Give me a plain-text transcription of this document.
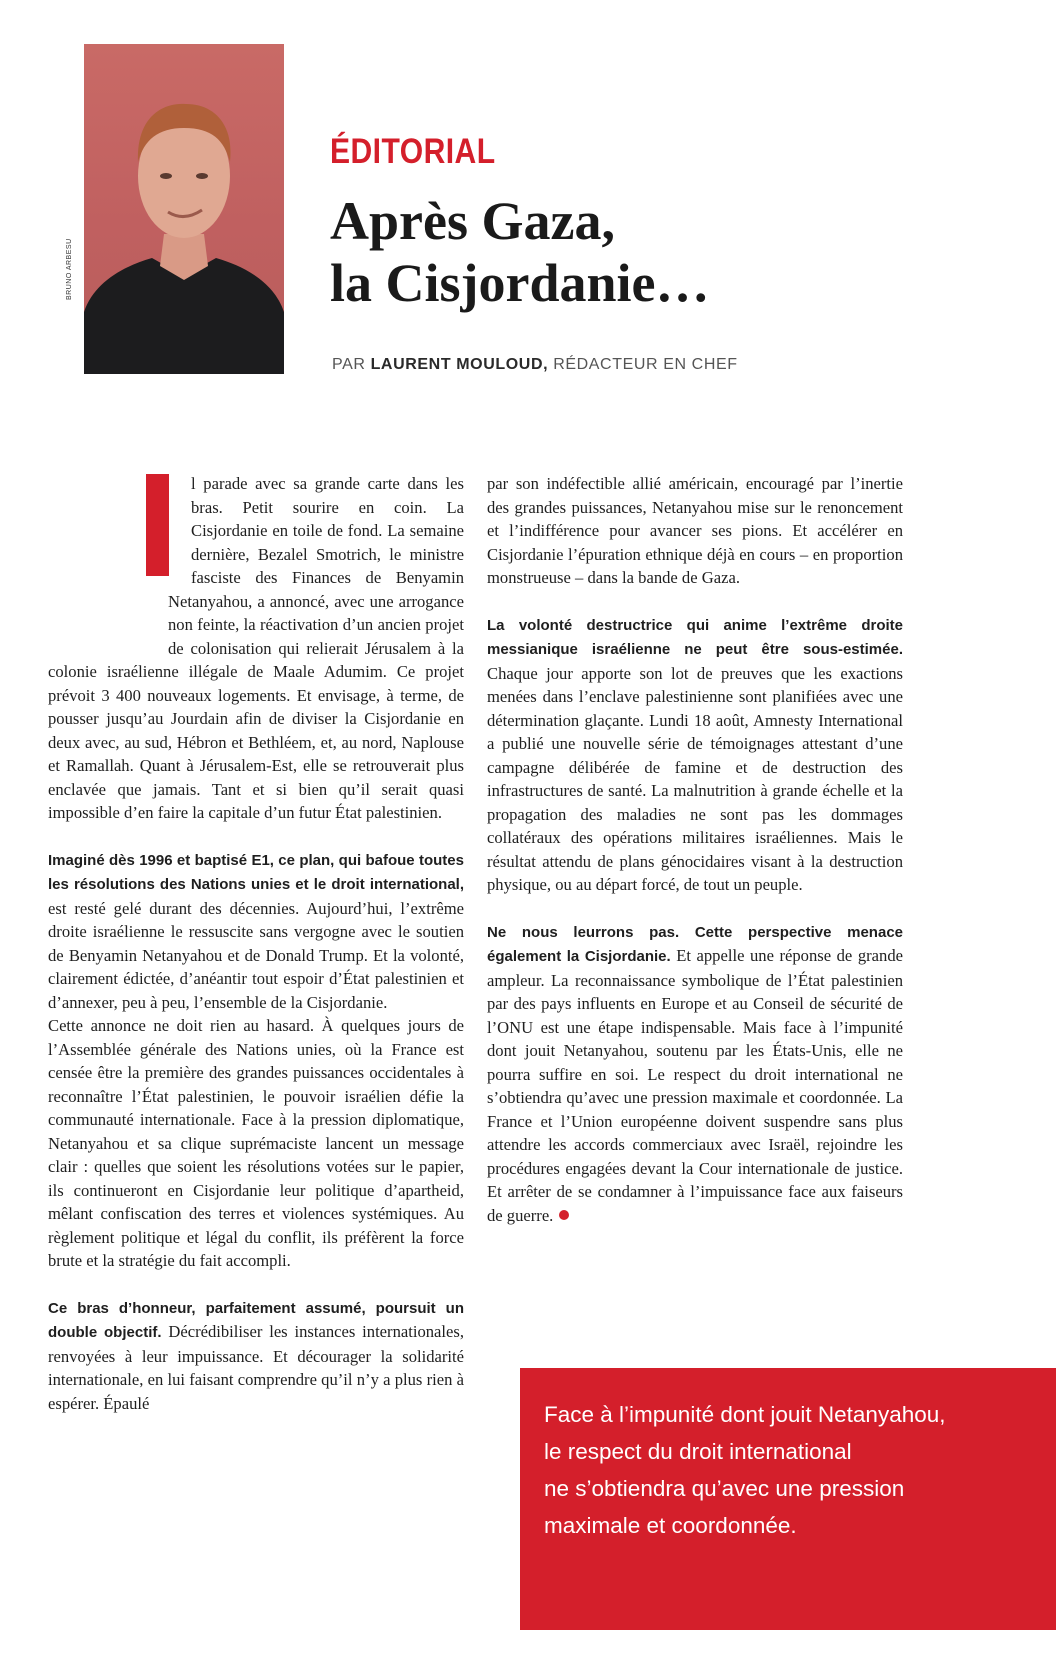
BRUNO ARBESU
ÉDITORIAL
Après Gaza,
la Cisjordanie…
PAR LAURENT MOULOUD, RÉDACTEUR EN CHEF

l parade avec sa grande carte dans les bras. Petit sourire en coin. La Cisjordanie en toile de fond. La semaine dernière, Bezalel Smotrich, le ministre fasciste des Finances de Benyamin Netanyahou, a annoncé, avec une arrogance non feinte, la réactivation d’un ancien projet de colonisation qui relierait Jérusalem à la colonie israélienne illégale de Maale Adumim. Ce projet prévoit 3 400 nouveaux logements. Et envisage, à terme, de pousser jusqu’au Jourdain afin de diviser la Cisjordanie en deux avec, au sud, Hébron et Bethléem, et, au nord, Naplouse et Ramallah. Quant à Jérusalem-Est, elle se retrouverait plus enclavée que jamais. Tant et si bien qu’il serait quasi impossible d’en faire la capitale d’un futur État palestinien.

Imaginé dès 1996 et baptisé E1, ce plan, qui bafoue toutes les résolutions des Nations unies et le droit international, est resté gelé durant des décennies. Aujourd’hui, l’extrême droite israélienne le ressuscite sans vergogne avec le soutien de Benyamin Netanyahou et de Donald Trump. Et la volonté, clairement édictée, d’anéantir tout espoir d’État palestinien et d’annexer, peu à peu, l’ensemble de la Cisjordanie.

Cette annonce ne doit rien au hasard. À quelques jours de l’Assemblée générale des Nations unies, où la France est censée être la première des grandes puissances occidentales à reconnaître l’État palestinien, le pouvoir israélien défie la communauté internationale. Face à la pression diplomatique, Netanyahou et sa clique suprémaciste lancent un message clair : quelles que soient les résolutions votées sur le papier, ils continueront en Cisjordanie leur politique d’apartheid, mêlant confiscation des terres et violences systémiques. Au règlement politique et légal du conflit, ils préfèrent la force brute et la stratégie du fait accompli.

Ce bras d’honneur, parfaitement assumé, poursuit un double objectif. Décrédibiliser les instances internationales, renvoyées à leur impuissance. Et décourager la solidarité internationale, en lui faisant comprendre qu’il n’y a plus rien à espérer. Épaulé

par son indéfectible allié américain, encouragé par l’inertie des grandes puissances, Netanyahou mise sur le renoncement et l’indifférence pour avancer ses pions. Et accélérer en Cisjordanie l’épuration ethnique déjà en cours – en proportion monstrueuse – dans la bande de Gaza.

La volonté destructrice qui anime l’extrême droite messianique israélienne ne peut être sous-estimée. Chaque jour apporte son lot de preuves que les exactions menées dans l’enclave palestinienne sont planifiées avec une détermination glaçante. Lundi 18 août, Amnesty International a publié une nouvelle série de témoignages attestant d’une campagne délibérée de famine et de destruction des infrastructures de santé. La malnutrition à grande échelle et la propagation des maladies ne sont pas les dommages collatéraux des opérations militaires israéliennes. Mais le résultat attendu de plans génocidaires visant à la destruction physique, ou au départ forcé, de tout un peuple.

Ne nous leurrons pas. Cette perspective menace également la Cisjordanie. Et appelle une réponse de grande ampleur. La reconnaissance symbolique de l’État palestinien par des pays influents en Europe et au Conseil de sécurité de l’ONU est une étape indispensable. Mais face à l’impunité dont jouit Netanyahou, soutenu par les États-Unis, elle ne pourra suffire en soi. Le respect du droit international ne s’obtiendra qu’avec une pression maximale et coordonnée. La France et l’Union européenne doivent suspendre sans plus attendre les accords commerciaux avec Israël, rejoindre les procédures engagées devant la Cour internationale de justice. Et arrêter de se condamner à l’impuissance face aux faiseurs de guerre.

Face à l’impunité dont jouit Netanyahou,
le respect du droit international
ne s’obtiendra qu’avec une pression
maximale et coordonnée.
